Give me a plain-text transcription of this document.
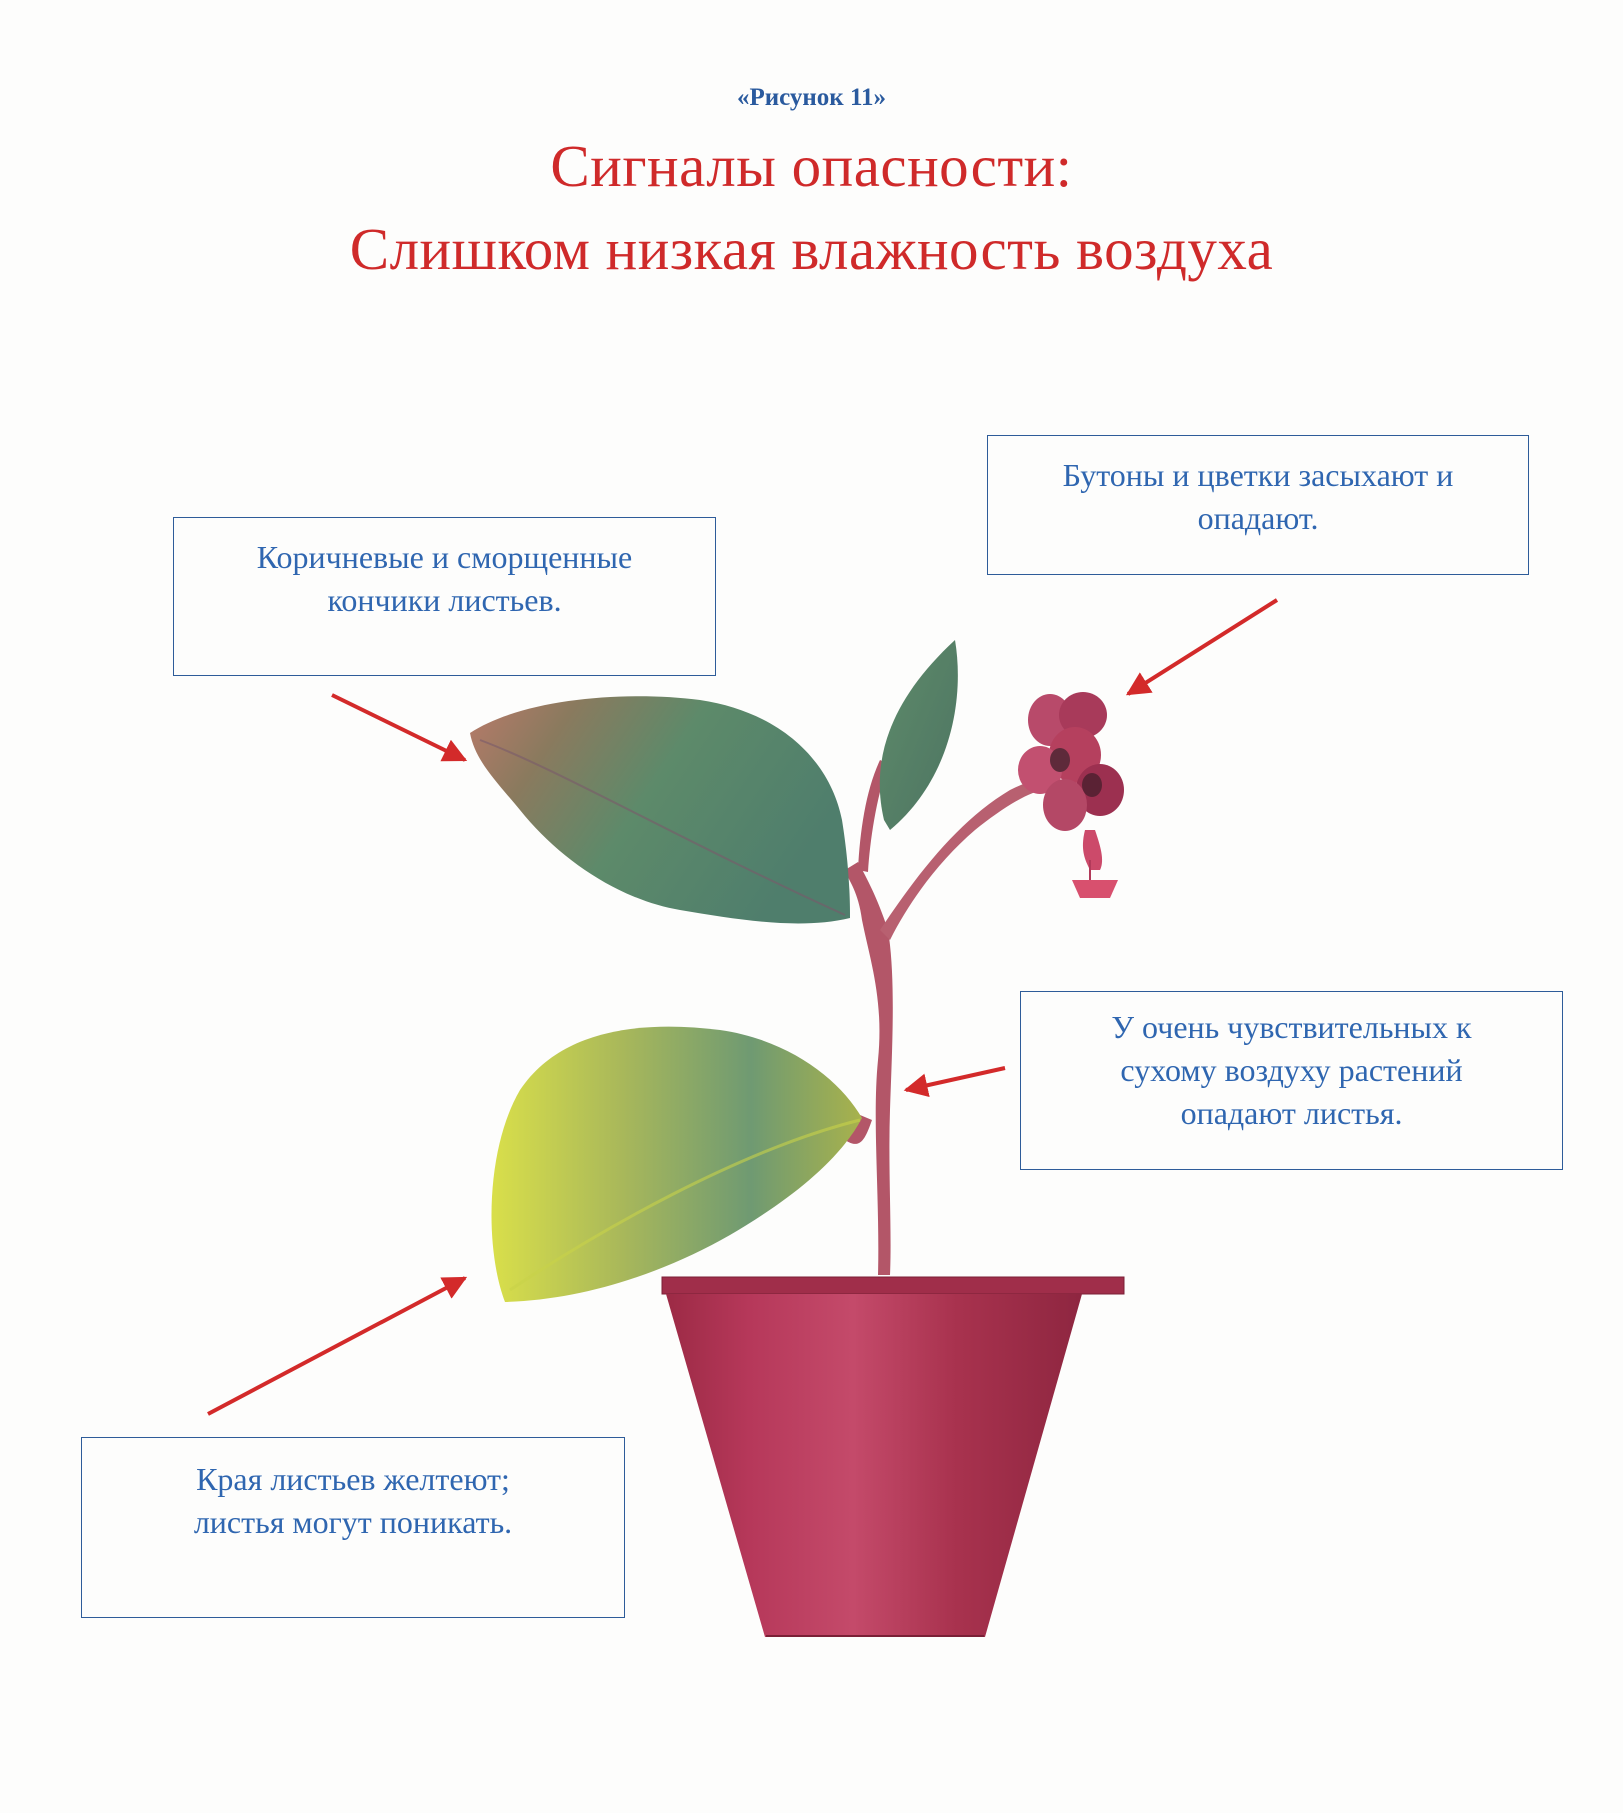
«Рисунок 11»
Сигналы опасности:
Слишком низкая влажность воздуха
Коричневые и сморщенные
кончики листьев.
Бутоны и цветки засыхают и
опадают.
У очень чувствительных к
сухому воздуху растений
опадают листья.
Края листьев желтеют;
листья могут поникать.
